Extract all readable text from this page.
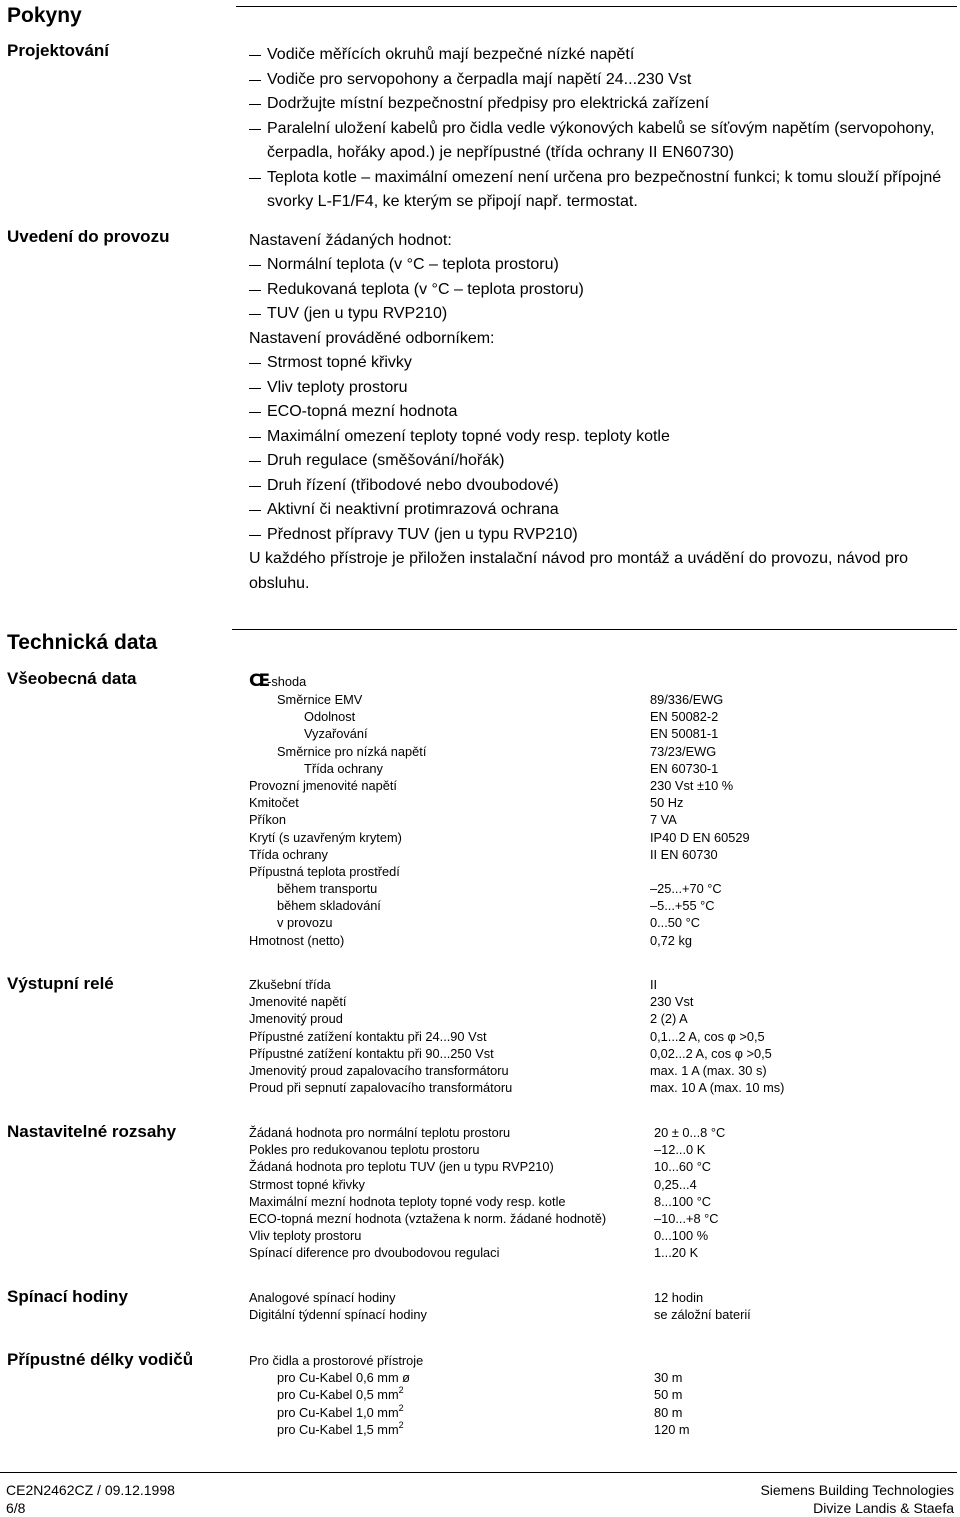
Pokyny
Projektování	Vodiče měřících okruhů mají bezpečné nízké napětí
Vodiče pro servopohony a čerpadla mají napětí 24...230 Vst
Dodržujte místní bezpečnostní předpisy pro elektrická zařízení
Paralelní uložení kabelů pro čidla vedle výkonových kabelů se síťovým napětím (servopohony, čerpadla, hořáky apod.) je nepřípustné (třída ochrany II EN60730)
Teplota kotle – maximální omezení není určena pro bezpečnostní funkci; k tomu slouží přípojné svorky L-F1/F4, ke kterým se připojí např. termostat.
Uvedení do provozu	Nastavení žádaných hodnot:
Normální teplota (v °C – teplota prostoru)
Redukovaná teplota (v °C – teplota prostoru)
TUV (jen u typu RVP210)
Nastavení prováděné odborníkem:
Strmost topné křivky
Vliv teploty prostoru
ECO-topná mezní hodnota
Maximální omezení teploty topné vody resp. teploty kotle
Druh regulace (směšování/hořák)
Druh řízení (třibodové nebo dvoubodové)
Aktivní či neaktivní protimrazová ochrana
Přednost přípravy TUV (jen u typu RVP210)
U každého přístroje je přiložen instalační návod pro montáž a uvádění do provozu, návod pro obsluhu.
Technická data
Všeobecná data	CE-shoda
Směrnice EMV	89/336/EWG
Odolnost	EN 50082-2
Vyzařování	EN 50081-1
Směrnice pro nízká napětí	73/23/EWG
Třída ochrany	EN 60730-1
Provozní jmenovité napětí	230 Vst ±10 %
Kmitočet	50 Hz
Příkon	7 VA
Krytí (s uzavřeným krytem)	IP40 D EN 60529
Třída ochrany	II EN 60730
Přípustná teplota prostředí
během transportu	–25...+70 °C
během skladování	–5...+55 °C
v provozu	0...50 °C
Hmotnost (netto)	0,72 kg
Výstupní relé	Zkušební třída	II
Jmenovité napětí	230 Vst
Jmenovitý proud	2 (2) A
Přípustné zatížení kontaktu při 24...90 Vst	0,1...2 A, cos φ >0,5
Přípustné zatížení kontaktu při 90...250 Vst	0,02...2 A, cos φ >0,5
Jmenovitý proud zapalovacího transformátoru	max. 1 A (max. 30 s)
Proud při sepnutí zapalovacího transformátoru	max. 10 A (max. 10 ms)
Nastavitelné rozsahy	Žádaná hodnota pro normální teplotu prostoru	20 ± 0...8 °C
Pokles pro redukovanou teplotu prostoru	–12...0 K
Žádaná hodnota pro teplotu TUV (jen u typu RVP210)	10...60 °C
Strmost topné křivky	0,25...4
Maximální mezní hodnota teploty topné vody resp. kotle	8...100 °C
ECO-topná mezní hodnota (vztažena k norm. žádané hodnotě)	–10...+8 °C
Vliv teploty prostoru	0...100 %
Spínací diference pro dvoubodovou regulaci	1...20 K
Spínací hodiny	Analogové spínací hodiny	12 hodin
Digitální týdenní spínací hodiny	se záložní baterií
Přípustné délky vodičů	Pro čidla a prostorové přístroje
pro Cu-Kabel 0,6 mm ø	30 m
pro Cu-Kabel 0,5 $mm^2$	50 m
pro Cu-Kabel 1,0 $mm^2$	80 m
pro Cu-Kabel 1,5 $mm^2$	120 m
CE2N2462CZ / 09.12.1998
6/8
Siemens Building Technologies
Divize Landis & Staefa
